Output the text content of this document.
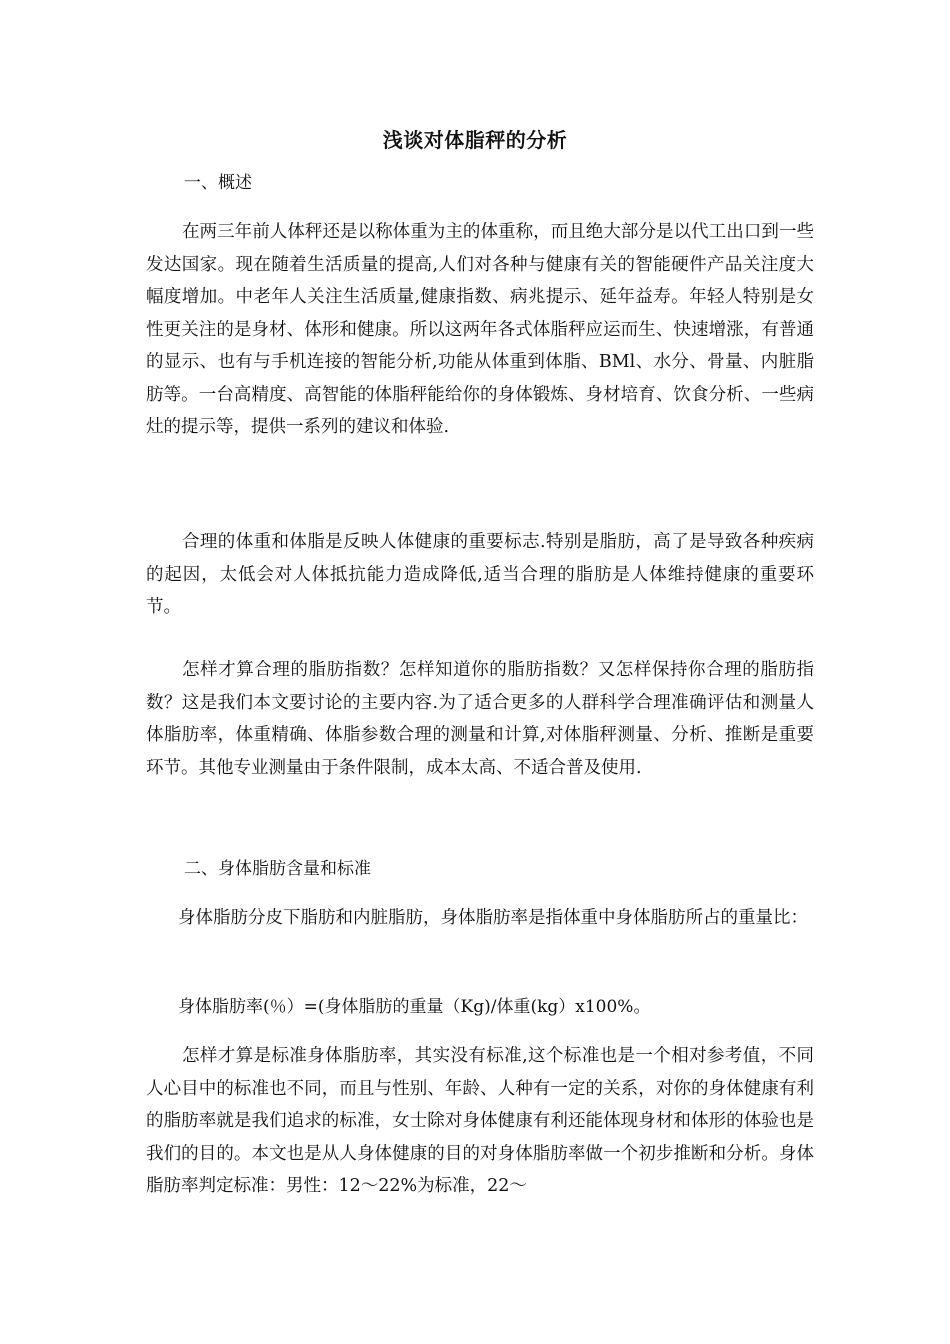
浅谈对体脂秤的分析
一、概述

在两三年前人体秤还是以称体重为主的体重称，而且绝大部分是以代工出口到一些发达国家。现在随着生活质量的提高,人们对各种与健康有关的智能硬件产品关注度大幅度增加。中老年人关注生活质量,健康指数、病兆提示、延年益寿。年轻人特别是女性更关注的是身材、体形和健康。所以这两年各式体脂秤应运而生、快速增涨，有普通的显示、也有与手机连接的智能分析,功能从体重到体脂、BMl、水分、骨量、内脏脂肪等。一台高精度、高智能的体脂秤能给你的身体锻炼、身材培育、饮食分析、一些病灶的提示等，提供一系列的建议和体验.

合理的体重和体脂是反映人体健康的重要标志.特别是脂肪，高了是导致各种疾病的起因，太低会对人体抵抗能力造成降低,适当合理的脂肪是人体维持健康的重要环节。

怎样才算合理的脂肪指数？怎样知道你的脂肪指数？又怎样保持你合理的脂肪指数？这是我们本文要讨论的主要内容.为了适合更多的人群科学合理准确评估和测量人体脂肪率，体重精确、体脂参数合理的测量和计算,对体脂秤测量、分析、推断是重要环节。其他专业测量由于条件限制，成本太高、不适合普及使用.

二、身体脂肪含量和标准

身体脂肪分皮下脂肪和内脏脂肪，身体脂肪率是指体重中身体脂肪所占的重量比：

身体脂肪率(％）=(身体脂肪的重量（Kg)/体重(kg）x100%。

怎样才算是标准身体脂肪率，其实没有标准,这个标准也是一个相对参考值，不同人心目中的标准也不同，而且与性别、年龄、人种有一定的关系，对你的身体健康有利的脂肪率就是我们追求的标准，女士除对身体健康有利还能体现身材和体形的体验也是我们的目的。本文也是从人身体健康的目的对身体脂肪率做一个初步推断和分析。身体脂肪率判定标准：男性：12～22%为标准，22～
